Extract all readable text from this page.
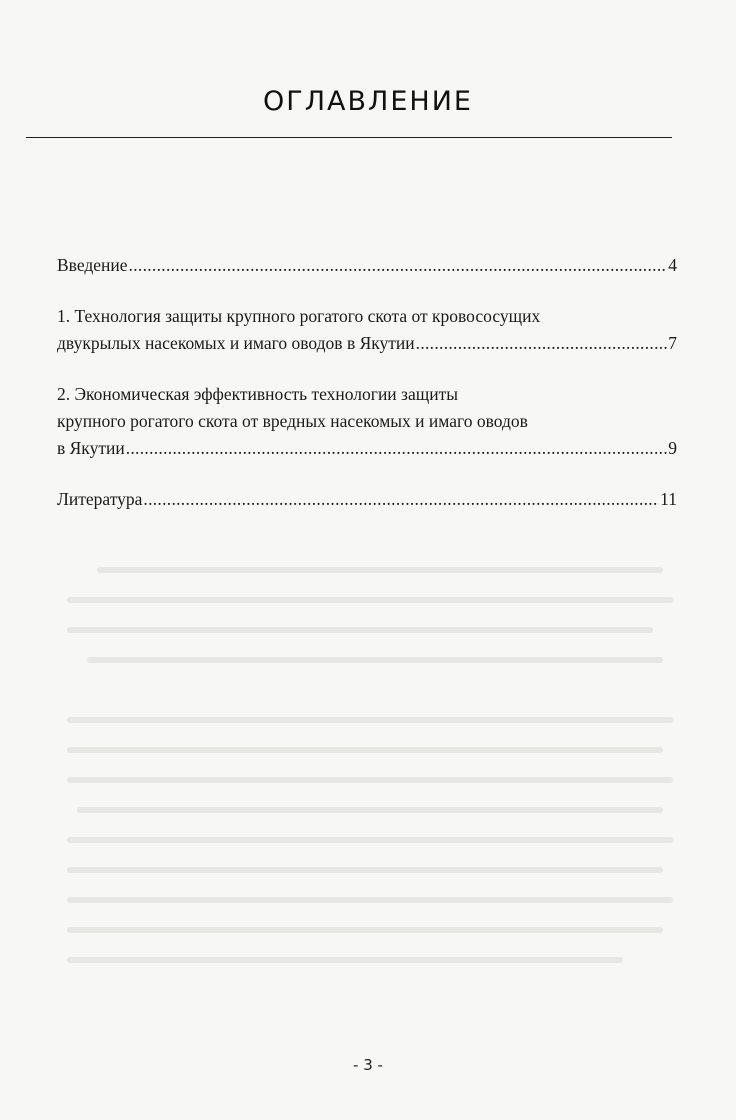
ОГЛАВЛЕНИЕ
Введение .....	4
1. Технология защиты крупного рогатого скота от кровососущих
двукрылых насекомых и имаго оводов в Якутии .....	7
2. Экономическая эффективность технологии защиты
крупного рогатого скота от вредных насекомых и имаго оводов
в Якутии .....	9
Литература .....	11
- 3 -
